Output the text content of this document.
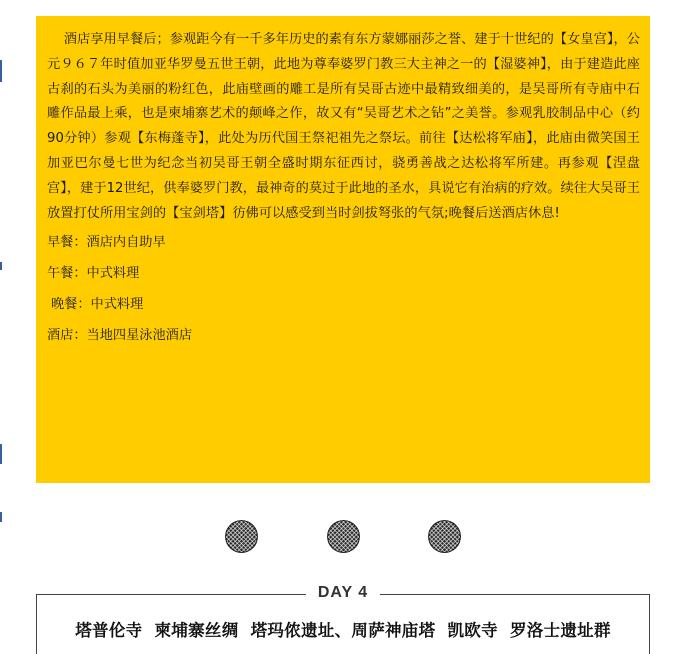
酒店享用早餐后；参观距今有一千多年历史的素有东方蒙娜丽莎之誉、建于十世纪的【女皇宫】，公元９６７年时值加亚华罗曼五世王朝，此地为尊奉婆罗门教三大主神之一的【湿婆神】，由于建造此座古刹的石头为美丽的粉红色，此庙壁画的雕工是所有吴哥古迹中最精致细美的，是吴哥所有寺庙中石雕作品最上乘，也是柬埔寨艺术的颠峰之作，故又有“吴哥艺术之钻”之美誉。参观乳胶制品中心（约90分钟）参观【东梅蓬寺】，此处为历代国王祭祀祖先之祭坛。前往【达松将军庙】，此庙由微笑国王加亚巴尔曼七世为纪念当初吴哥王朝全盛时期东征西讨，骁勇善战之达松将军所建。再参观【涅盘宫】，建于12世纪，供奉婆罗门教，最神奇的莫过于此地的圣水，具说它有治病的疗效。续往大吴哥王放置打仗所用宝剑的【宝剑塔】彷佛可以感受到当时剑拔弩张的气氛;晚餐后送酒店休息!

早餐：酒店内自助早

午餐：中式料理

晚餐：中式料理

酒店：当地四星泳池酒店

DAY 4
塔普伦寺  柬埔寨丝绸  塔玛侬遗址、周萨神庙塔  凯欧寺  罗洛士遗址群
